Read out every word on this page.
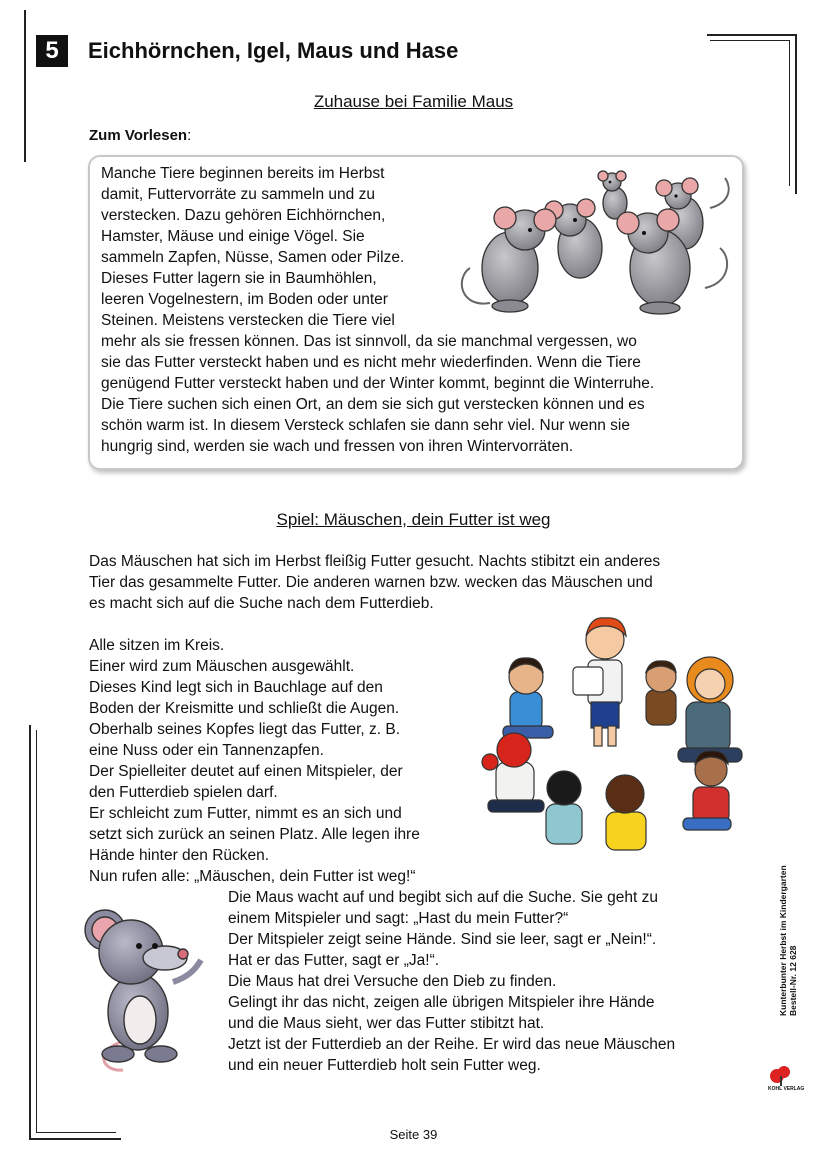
5	Eichhörnchen, Igel, Maus und Hase
Zuhause bei Familie Maus
Zum Vorlesen:
Manche Tiere beginnen bereits im Herbst
damit, Futtervorräte zu sammeln und zu
verstecken. Dazu gehören Eichhörnchen,
Hamster, Mäuse und einige Vögel. Sie
sammeln Zapfen, Nüsse, Samen oder Pilze.
Dieses Futter lagern sie in Baumhöhlen,
leeren Vogelnestern, im Boden oder unter
Steinen. Meistens verstecken die Tiere viel
mehr als sie fressen können. Das ist sinnvoll, da sie manchmal vergessen, wo
sie das Futter versteckt haben und es nicht mehr wiederfinden. Wenn die Tiere
genügend Futter versteckt haben und der Winter kommt, beginnt die Winterruhe.
Die Tiere suchen sich einen Ort, an dem sie sich gut verstecken können und es
schön warm ist. In diesem Versteck schlafen sie dann sehr viel. Nur wenn sie
hungrig sind, werden sie wach und fressen von ihren Wintervorräten.
Spiel: Mäuschen, dein Futter ist weg
Das Mäuschen hat sich im Herbst fleißig Futter gesucht. Nachts stibitzt ein anderes
Tier das gesammelte Futter. Die anderen warnen bzw. wecken das Mäuschen und
es macht sich auf die Suche nach dem Futterdieb.
Alle sitzen im Kreis.
Einer wird zum Mäuschen ausgewählt.
Dieses Kind legt sich in Bauchlage auf den
Boden der Kreismitte und schließt die Augen.
Oberhalb seines Kopfes liegt das Futter, z. B.
eine Nuss oder ein Tannenzapfen.
Der Spielleiter deutet auf einen Mitspieler, der
den Futterdieb spielen darf.
Er schleicht zum Futter, nimmt es an sich und
setzt sich zurück an seinen Platz. Alle legen ihre
Hände hinter den Rücken.
Nun rufen alle: „Mäuschen, dein Futter ist weg!“
Die Maus wacht auf und begibt sich auf die Suche. Sie geht zu
einem Mitspieler und sagt: „Hast du mein Futter?“
Der Mitspieler zeigt seine Hände. Sind sie leer, sagt er „Nein!“.
Hat er das Futter, sagt er „Ja!“.
Die Maus hat drei Versuche den Dieb zu finden.
Gelingt ihr das nicht, zeigen alle übrigen Mitspieler ihre Hände
und die Maus sieht, wer das Futter stibitzt hat.
Jetzt ist der Futterdieb an der Reihe. Er wird das neue Mäuschen
und ein neuer Futterdieb holt sein Futter weg.
Kunterbunter Herbst im Kindergarten Bestell-Nr. 12 628
KOHL VERLAG
Seite 39
